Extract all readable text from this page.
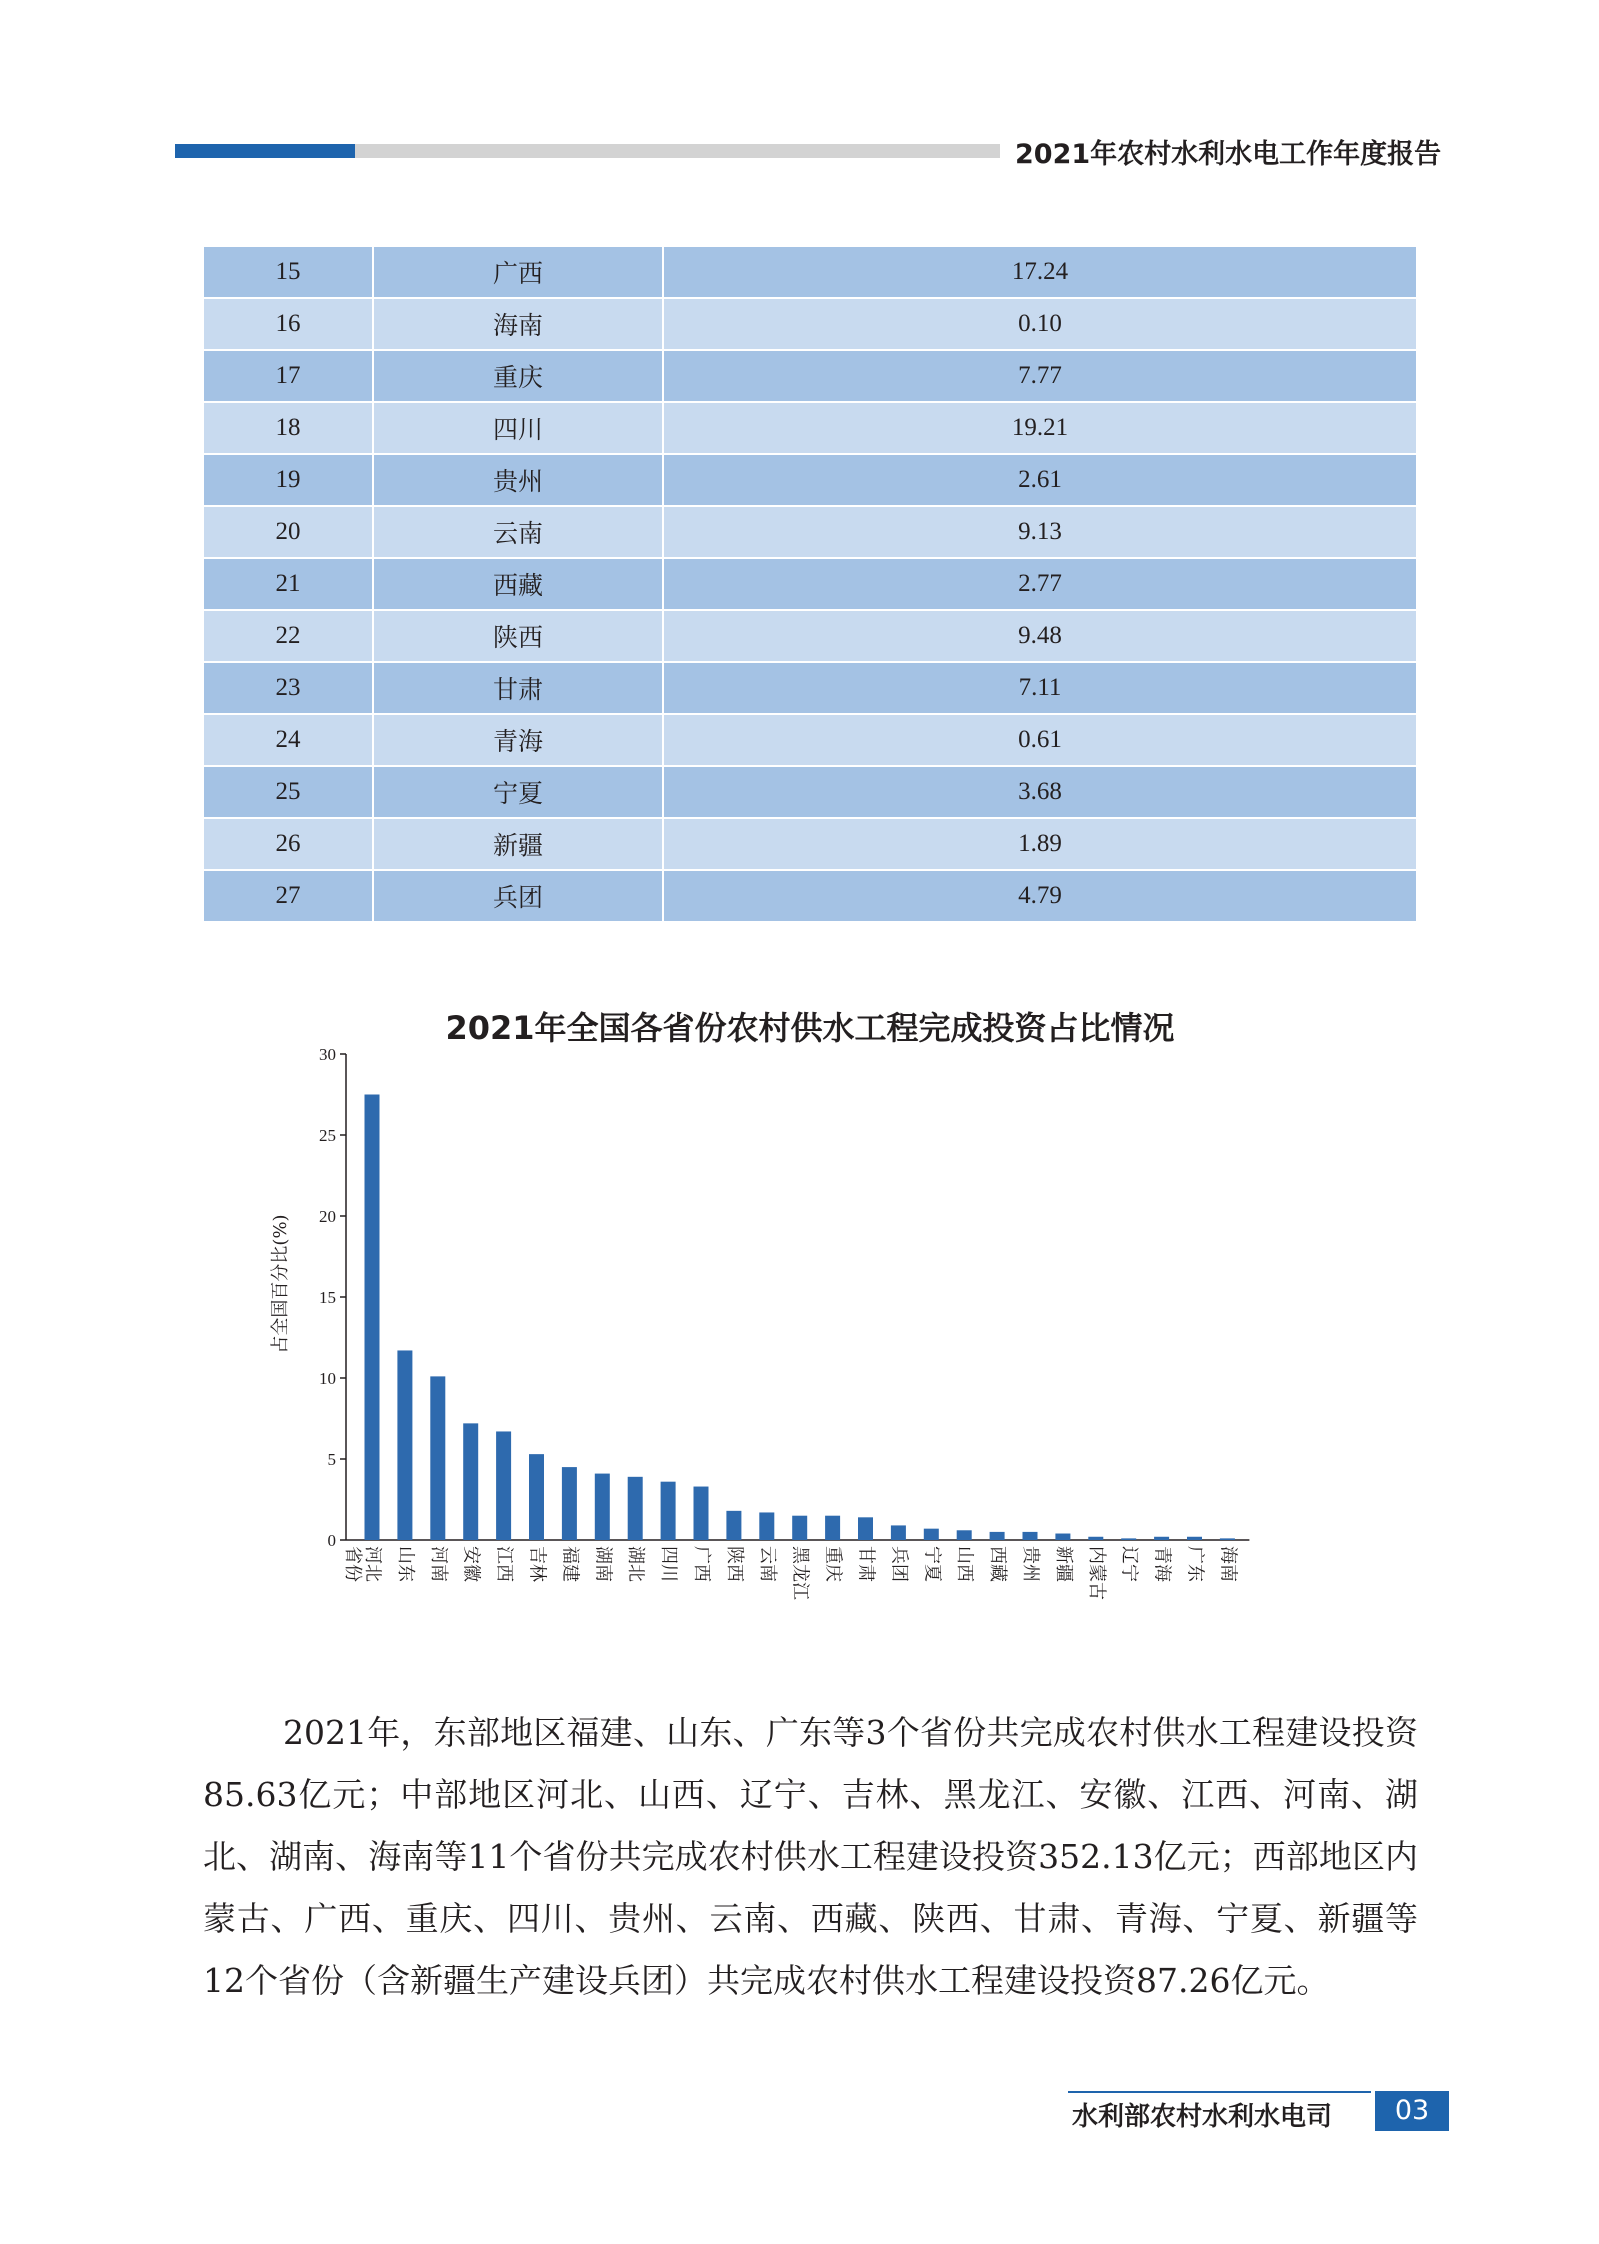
2021年农村水利水电工作年度报告
15	广西	17.24
16	海南	0.10
17	重庆	7.77
18	四川	19.21
19	贵州	2.61
20	云南	9.13
21	西藏	2.77
22	陕西	9.48
23	甘肃	7.11
24	青海	0.61
25	宁夏	3.68
26	新疆	1.89
27	兵团	4.79
2021年全国各省份农村供水工程完成投资占比情况
0
5
10
15
20
25
30
占全国百分比(%)
省份 河北 山东 河南 安徽 江西 吉林 福建 湖南 湖北 四川 广西 陕西 云南 黑龙江 重庆 甘肃 兵团 宁夏 山西 西藏 贵州 新疆 内蒙古 辽宁 青海 广东 海南
2021年，东部地区福建、山东、广东等3个省份共完成农村供水工程建设投资85.63亿元；中部地区河北、山西、辽宁、吉林、黑龙江、安徽、江西、河南、湖北、湖南、海南等11个省份共完成农村供水工程建设投资352.13亿元；西部地区内蒙古、广西、重庆、四川、贵州、云南、西藏、陕西、甘肃、青海、宁夏、新疆等12个省份（含新疆生产建设兵团）共完成农村供水工程建设投资87.26亿元。
水利部农村水利水电司	03
